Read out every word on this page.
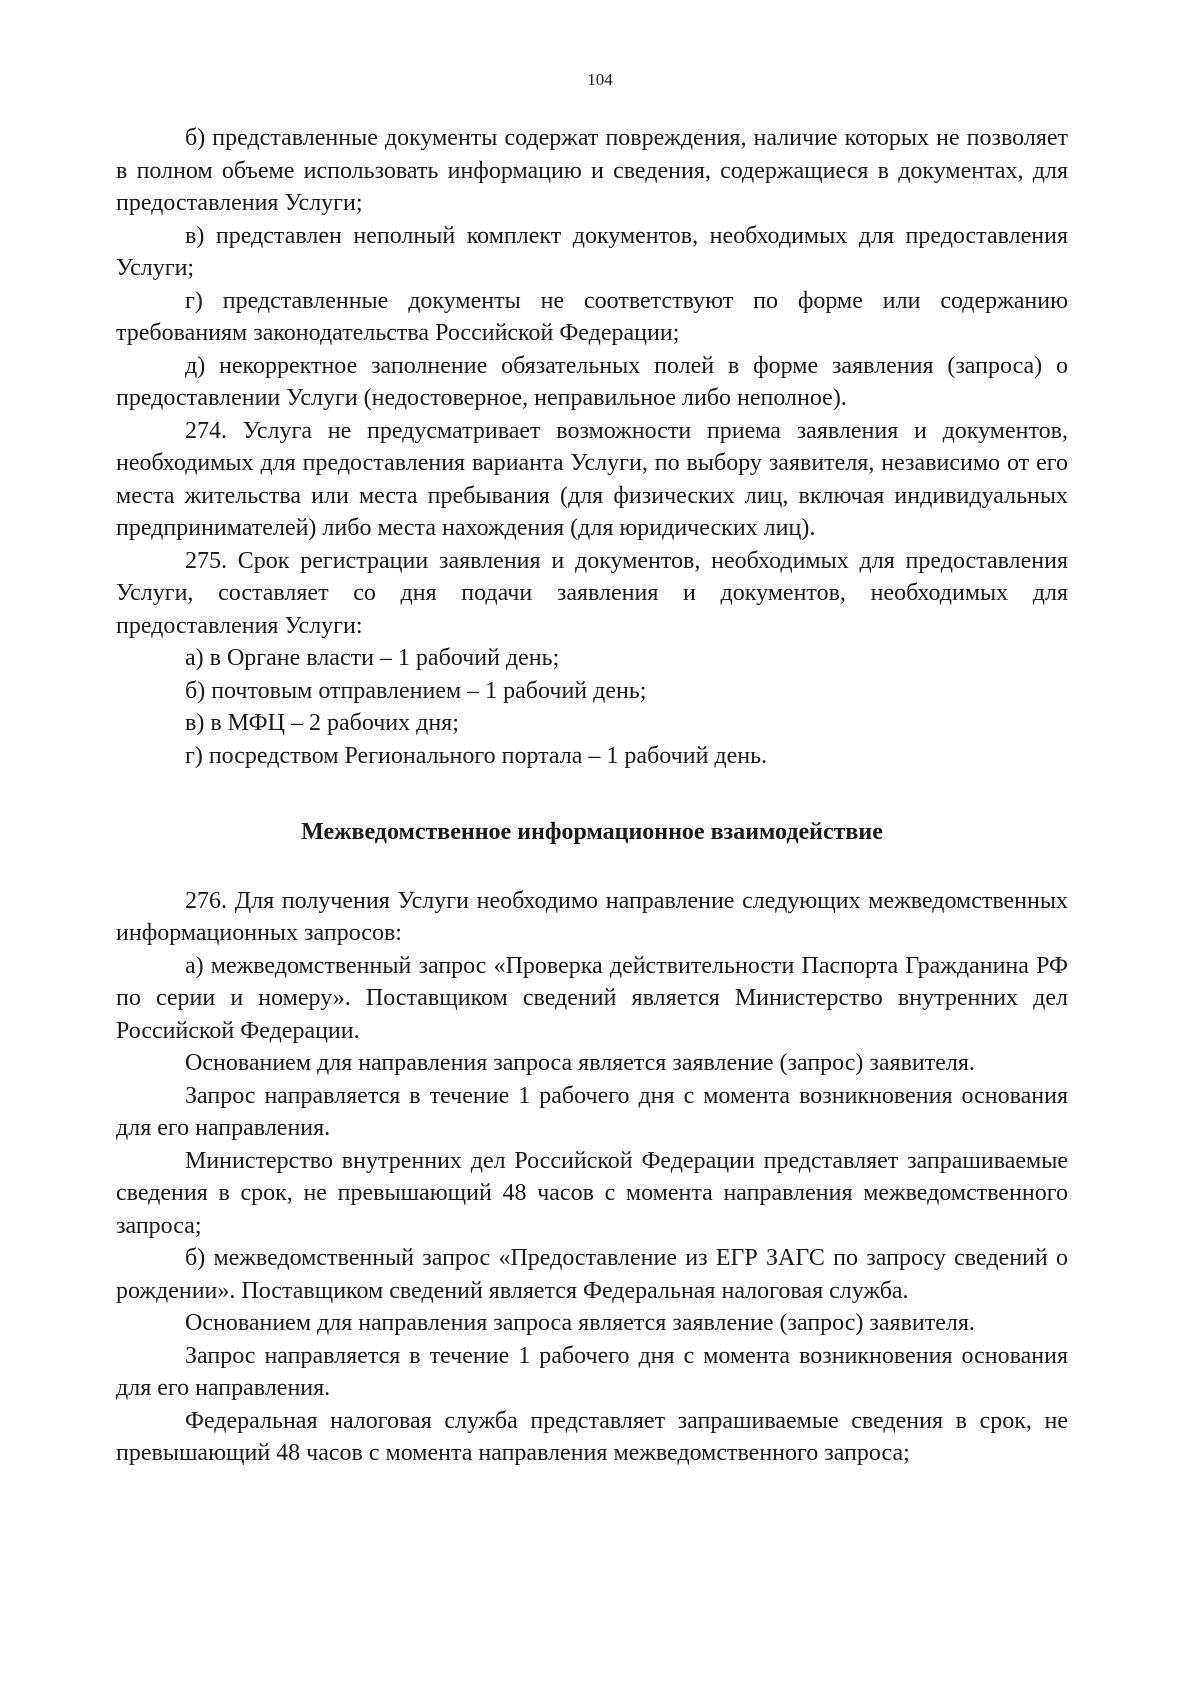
104

б) представленные документы содержат повреждения, наличие которых не позволяет в полном объеме использовать информацию и сведения, содержащиеся в документах, для предоставления Услуги;

в) представлен неполный комплект документов, необходимых для предоставления Услуги;

г) представленные документы не соответствуют по форме или содержанию требованиям законодательства Российской Федерации;

д) некорректное заполнение обязательных полей в форме заявления (запроса) о предоставлении Услуги (недостоверное, неправильное либо неполное).

274. Услуга не предусматривает возможности приема заявления и документов, необходимых для предоставления варианта Услуги, по выбору заявителя, независимо от его места жительства или места пребывания (для физических лиц, включая индивидуальных предпринимателей) либо места нахождения (для юридических лиц).

275. Срок регистрации заявления и документов, необходимых для предоставления Услуги, составляет со дня подачи заявления и документов, необходимых для предоставления Услуги:

а) в Органе власти – 1 рабочий день;

б) почтовым отправлением – 1 рабочий день;

в) в МФЦ – 2 рабочих дня;

г) посредством Регионального портала – 1 рабочий день.

Межведомственное информационное взаимодействие

276. Для получения Услуги необходимо направление следующих межведомственных информационных запросов:

а) межведомственный запрос «Проверка действительности Паспорта Гражданина РФ по серии и номеру». Поставщиком сведений является Министерство внутренних дел Российской Федерации.

Основанием для направления запроса является заявление (запрос) заявителя.

Запрос направляется в течение 1 рабочего дня с момента возникновения основания для его направления.

Министерство внутренних дел Российской Федерации представляет запрашиваемые сведения в срок, не превышающий 48 часов с момента направления межведомственного запроса;

б) межведомственный запрос «Предоставление из ЕГР ЗАГС по запросу сведений о рождении». Поставщиком сведений является Федеральная налоговая служба.

Основанием для направления запроса является заявление (запрос) заявителя.

Запрос направляется в течение 1 рабочего дня с момента возникновения основания для его направления.

Федеральная налоговая служба представляет запрашиваемые сведения в срок, не превышающий 48 часов с момента направления межведомственного запроса;
